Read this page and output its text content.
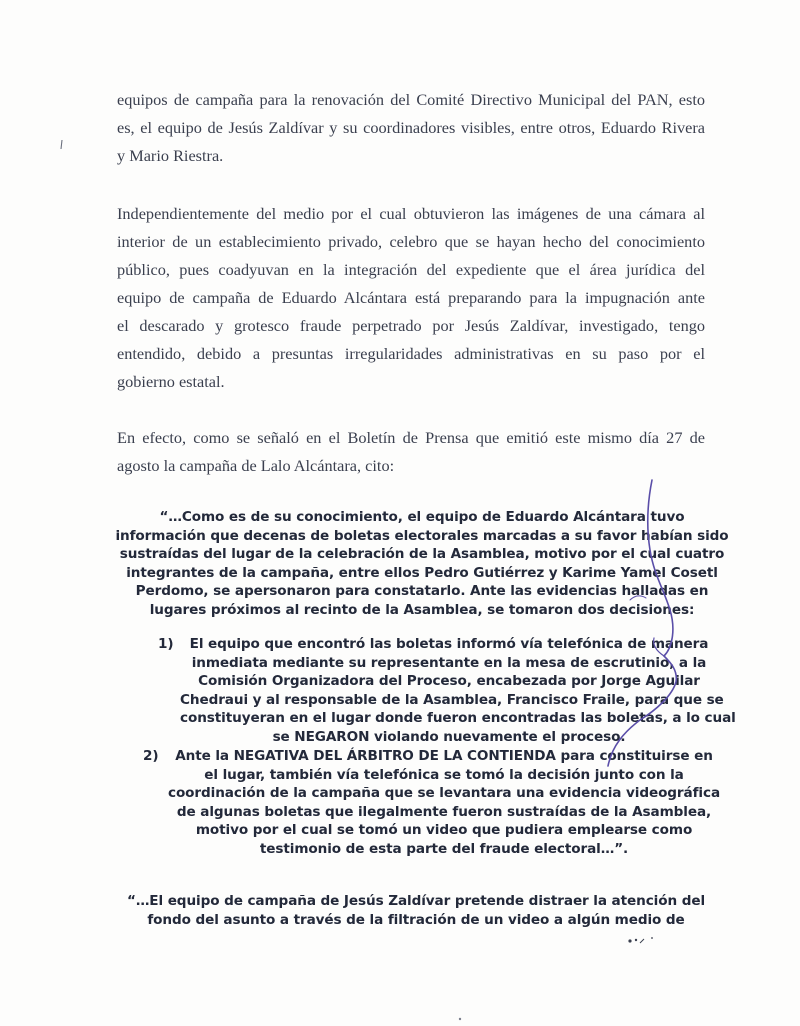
equipos de campaña para la renovación del Comité Directivo Municipal del PAN, esto
es, el equipo de Jesús Zaldívar y su coordinadores visibles, entre otros, Eduardo Rivera
y Mario Riestra.
Independientemente del medio por el cual obtuvieron las imágenes de una cámara al
interior de un establecimiento privado, celebro que se hayan hecho del conocimiento
público, pues coadyuvan en la integración del expediente que el área jurídica del
equipo de campaña de Eduardo Alcántara está preparando para la impugnación ante
el descarado y grotesco fraude perpetrado por Jesús Zaldívar, investigado, tengo
entendido, debido a presuntas irregularidades administrativas en su paso por el
gobierno estatal.
En efecto, como se señaló en el Boletín de Prensa que emitió este mismo día 27 de
agosto la campaña de Lalo Alcántara, cito:
“…Como es de su conocimiento, el equipo de Eduardo Alcántara tuvo
información que decenas de boletas electorales marcadas a su favor habían sido
sustraídas del lugar de la celebración de la Asamblea, motivo por el cual cuatro
integrantes de la campaña, entre ellos Pedro Gutiérrez y Karime Yamel Cosetl
Perdomo, se apersonaron para constatarlo. Ante las evidencias halladas en
lugares próximos al recinto de la Asamblea, se tomaron dos decisiones:
1)	El equipo que encontró las boletas informó vía telefónica de manera
inmediata mediante su representante en la mesa de escrutinio, a la
Comisión Organizadora del Proceso, encabezada por Jorge Aguilar
Chedraui y al responsable de la Asamblea, Francisco Fraile, para que se
constituyeran en el lugar donde fueron encontradas las boletas, a lo cual
se NEGARON violando nuevamente el proceso.
2)	Ante la NEGATIVA DEL ÁRBITRO DE LA CONTIENDA para constituirse en
el lugar, también vía telefónica se tomó la decisión junto con la
coordinación de la campaña que se levantara una evidencia videográfica
de algunas boletas que ilegalmente fueron sustraídas de la Asamblea,
motivo por el cual se tomó un video que pudiera emplearse como
testimonio de esta parte del fraude electoral…”.
“…El equipo de campaña de Jesús Zaldívar pretende distraer la atención del
fondo del asunto a través de la filtración de un video a algún medio de
